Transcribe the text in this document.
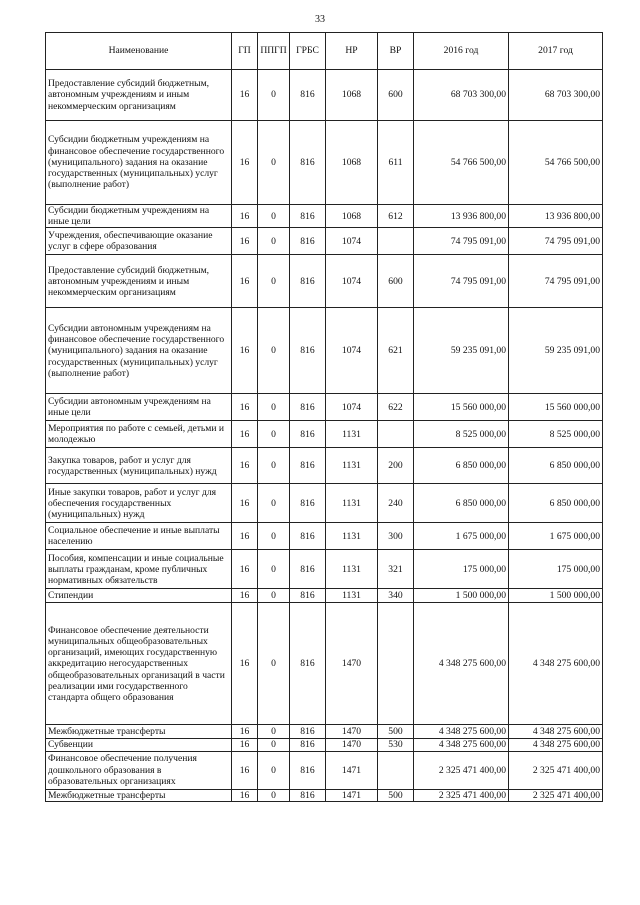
33
Наименование	ГП	ППГП	ГРБС	НР	ВР	2016 год	2017 год
Предоставление субсидий бюджетным, автономным учреждениям и иным некоммерческим организациям	16	0	816	1068	600	68 703 300,00	68 703 300,00
Субсидии бюджетным учреждениям на финансовое обеспечение государственного (муниципального) задания на оказание государственных (муниципальных) услуг (выполнение работ)	16	0	816	1068	611	54 766 500,00	54 766 500,00
Субсидии бюджетным учреждениям на иные цели	16	0	816	1068	612	13 936 800,00	13 936 800,00
Учреждения, обеспечивающие оказание услуг в сфере образования	16	0	816	1074		74 795 091,00	74 795 091,00
Предоставление субсидий бюджетным, автономным учреждениям и иным некоммерческим организациям	16	0	816	1074	600	74 795 091,00	74 795 091,00
Субсидии автономным учреждениям на финансовое обеспечение государственного (муниципального) задания на оказание государственных (муниципальных) услуг (выполнение работ)	16	0	816	1074	621	59 235 091,00	59 235 091,00
Субсидии автономным учреждениям на иные цели	16	0	816	1074	622	15 560 000,00	15 560 000,00
Мероприятия по работе с семьей, детьми и молодежью	16	0	816	1131		8 525 000,00	8 525 000,00
Закупка товаров, работ и услуг для государственных (муниципальных) нужд	16	0	816	1131	200	6 850 000,00	6 850 000,00
Иные закупки товаров, работ и услуг для обеспечения государственных (муниципальных) нужд	16	0	816	1131	240	6 850 000,00	6 850 000,00
Социальное обеспечение и иные выплаты населению	16	0	816	1131	300	1 675 000,00	1 675 000,00
Пособия, компенсации и иные социальные выплаты гражданам, кроме публичных нормативных обязательств	16	0	816	1131	321	175 000,00	175 000,00
Стипендии	16	0	816	1131	340	1 500 000,00	1 500 000,00
Финансовое обеспечение деятельности муниципальных общеобразовательных организаций, имеющих государственную аккредитацию негосударственных общеобразовательных организаций в части реализации ими государственного стандарта общего образования	16	0	816	1470		4 348 275 600,00	4 348 275 600,00
Межбюджетные трансферты	16	0	816	1470	500	4 348 275 600,00	4 348 275 600,00
Субвенции	16	0	816	1470	530	4 348 275 600,00	4 348 275 600,00
Финансовое обеспечение получения дошкольного образования в образовательных организациях	16	0	816	1471		2 325 471 400,00	2 325 471 400,00
Межбюджетные трансферты	16	0	816	1471	500	2 325 471 400,00	2 325 471 400,00
